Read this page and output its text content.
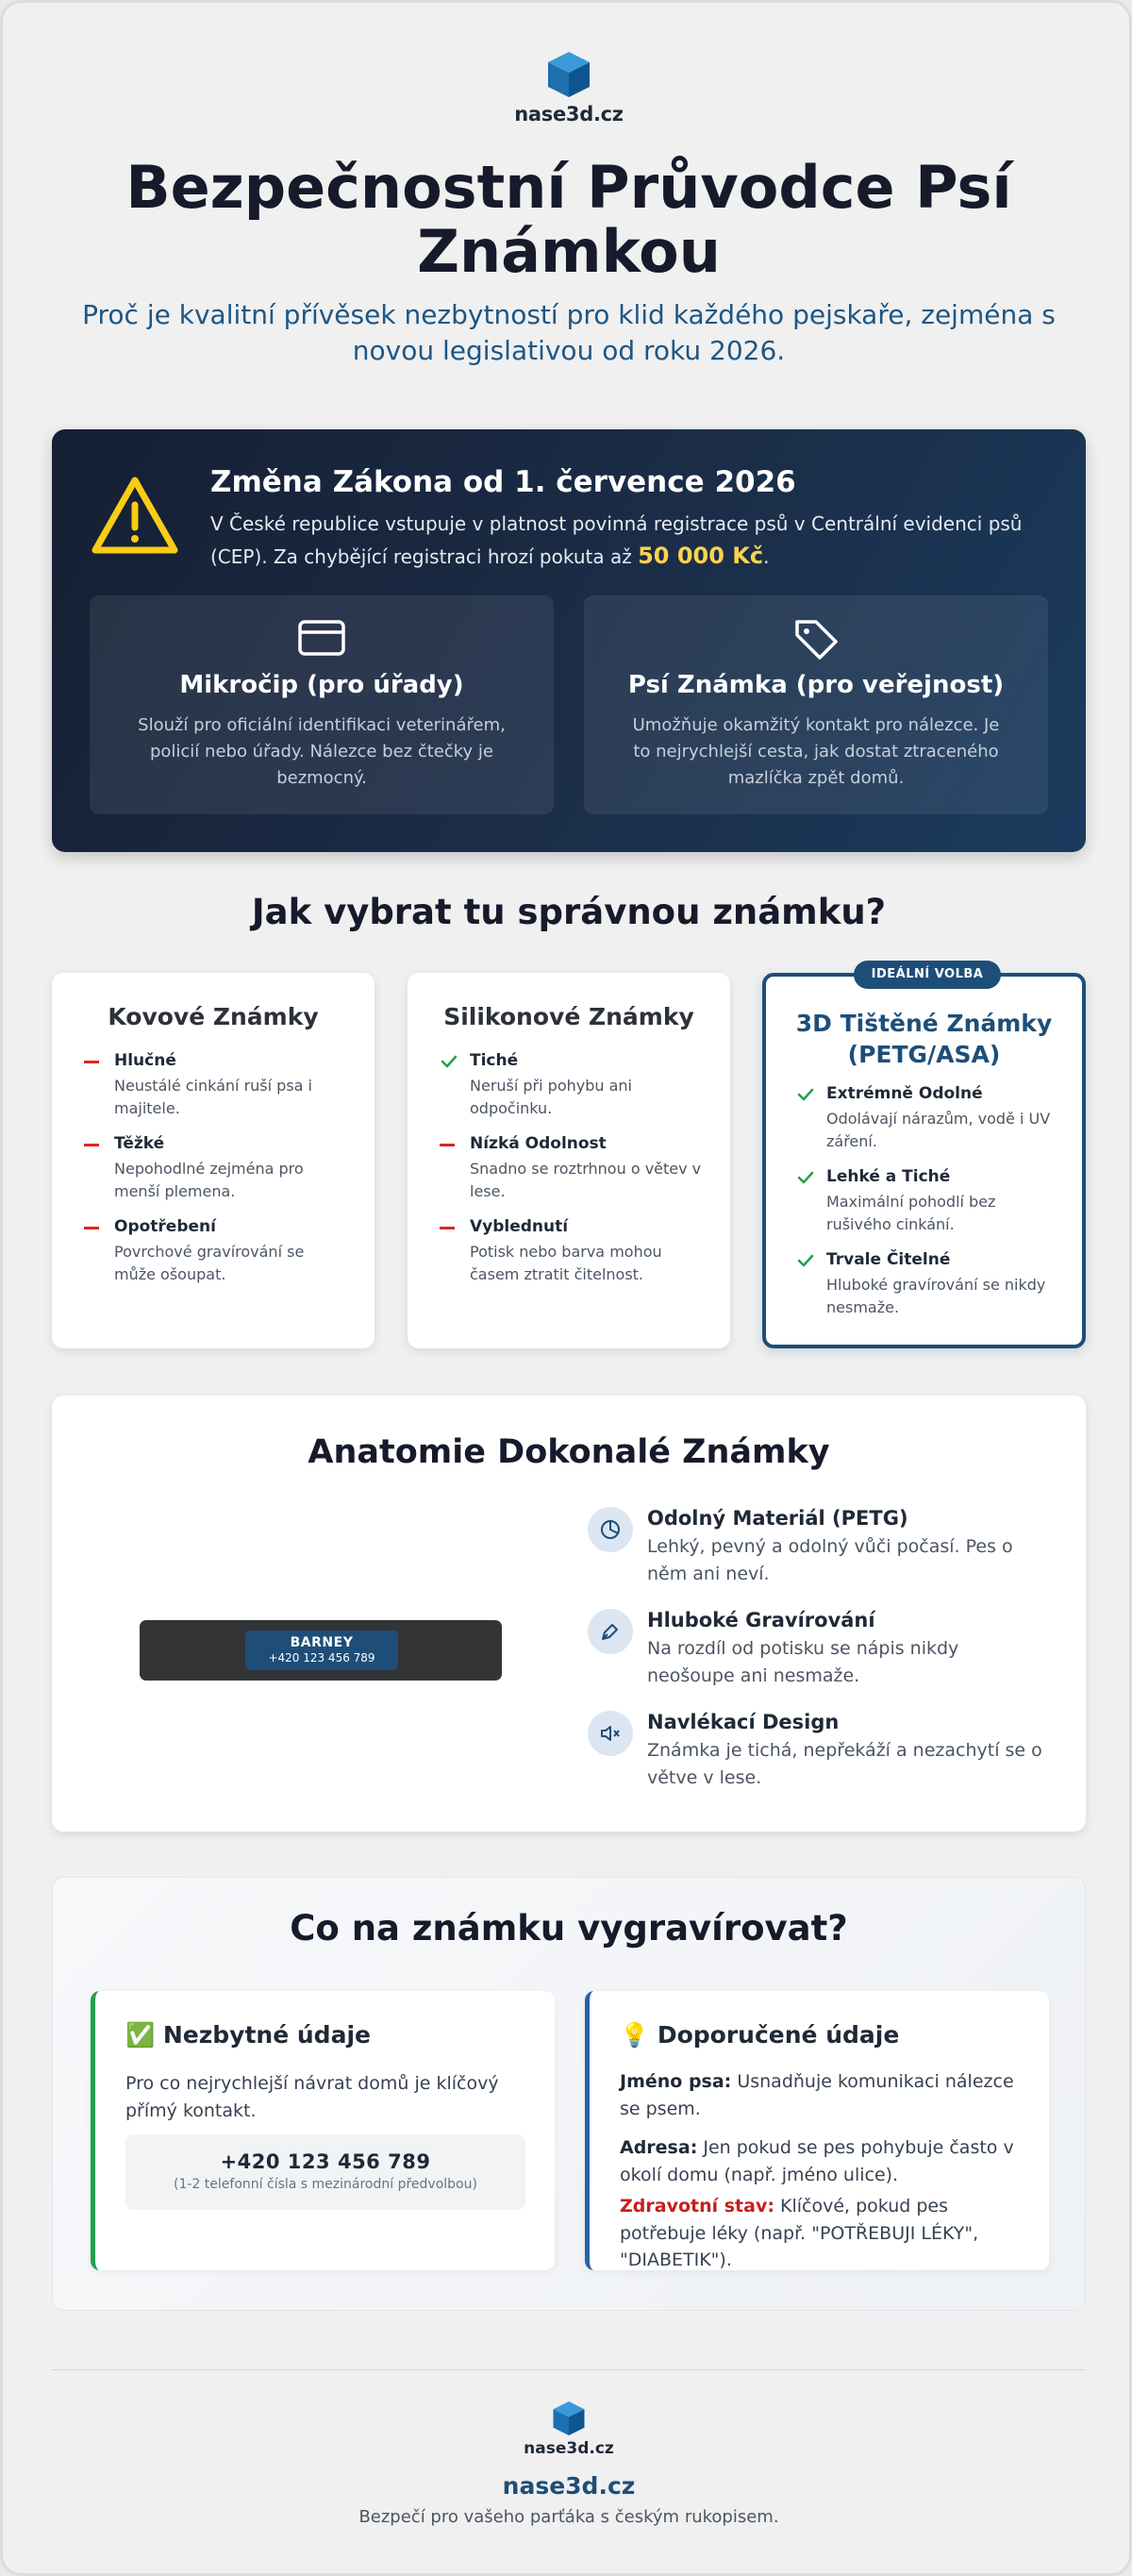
nase3d.cz
Bezpečnostní Průvodce Psí Známkou

Proč je kvalitní přívěsek nezbytností pro klid každého pejskaře, zejména s novou legislativou od roku 2026.

Změna Zákona od 1. července 2026

V České republice vstupuje v platnost povinná registrace psů v Centrální evidenci psů (CEP). Za chybějící registraci hrozí pokuta až 50 000 Kč.

Mikročip (pro úřady)
Slouží pro oficiální identifikaci veterinářem, policií nebo úřady. Nálezce bez čtečky je bezmocný.
Psí Známka (pro veřejnost)
Umožňuje okamžitý kontakt pro nálezce. Je to nejrychlejší cesta, jak dostat ztraceného mazlíčka zpět domů.
Jak vybrat tu správnou známku?
Kovové Známky
Hlučné
Neustálé cinkání ruší psa i majitele.
Těžké
Nepohodlné zejména pro menší plemena.
Opotřebení
Povrchové gravírování se může ošoupat.
Silikonové Známky
Tiché
Neruší při pohybu ani odpočinku.
Nízká Odolnost
Snadno se roztrhnou o větev v lese.
Vyblednutí
Potisk nebo barva mohou časem ztratit čitelnost.
IDEÁLNÍ VOLBA
3D Tištěné Známky (PETG/ASA)
Extrémně Odolné
Odolávají nárazům, vodě i UV záření.
Lehké a Tiché
Maximální pohodlí bez rušivého cinkání.
Trvale Čitelné
Hluboké gravírování se nikdy nesmaže.
Anatomie Dokonalé Známky
BARNEY
+420 123 456 789
Odolný Materiál (PETG)
Lehký, pevný a odolný vůči počasí. Pes o něm ani neví.
Hluboké Gravírování
Na rozdíl od potisku se nápis nikdy neošoupe ani nesmaže.
Navlékací Design
Známka je tichá, nepřekáží a nezachytí se o větve v lese.
Co na známku vygravírovat?
✅ Nezbytné údaje
Pro co nejrychlejší návrat domů je klíčový přímý kontakt.
+420 123 456 789
(1-2 telefonní čísla s mezinárodní předvolbou)
💡 Doporučené údaje

Jméno psa: Usnadňuje komunikaci nálezce se psem.

Adresa: Jen pokud se pes pohybuje často v okolí domu (např. jméno ulice).

Zdravotní stav: Klíčové, pokud pes potřebuje léky (např. "POTŘEBUJI LÉKY", "DIABETIK").

nase3d.cz
nase3d.cz
Bezpečí pro vašeho parťáka s českým rukopisem.
